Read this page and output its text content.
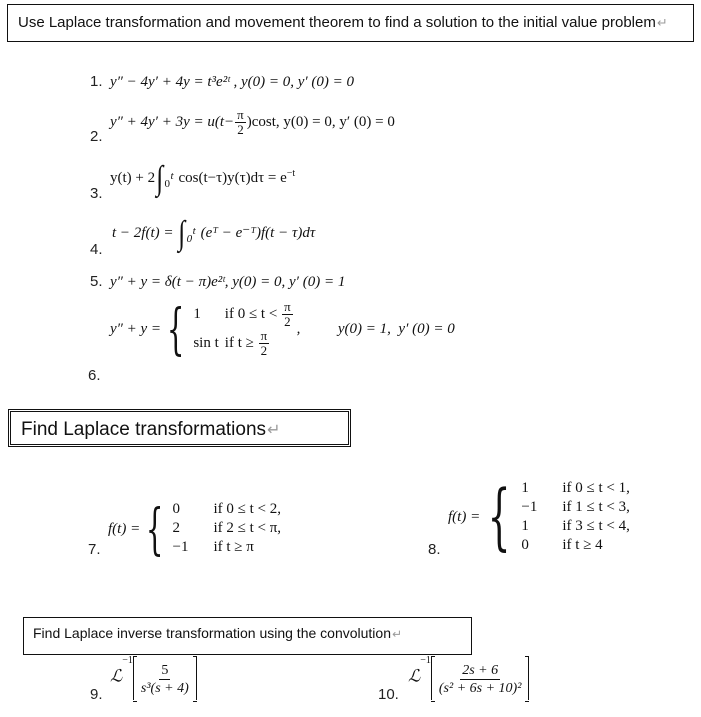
Use Laplace transformation and movement theorem to find a solution to the initial value problem↵
1. y″ − 4y′ + 4y = t³e²ᵗ , y(0) = 0, y′ (0) = 0
2.
$y'' + 4y' + 3y = u(t- \frac{\pi}{2} )\cos t$, y(0) = 0, y′ (0) = 0
3.
y(t) + 2∫ t
0 $\cos(t-\tau)y(\tau)d\tau = e^{-t}$
4.
t − 2f(t) = ∫ t
0 (eᵀ − e⁻ᵀ)f(t − τ)dτ
5. y″ + y = δ(t − π)e²ᵗ, y(0) = 0, y′ (0) = 1
6.
y″ + y = { 1	if $0 \le t < \frac{\pi}{2}$

sin t	if $t \ge \frac{\pi}{2}$ ,          y(0) = 1,  y′ (0) = 0
Find Laplace transformations↵
7.
f(t) = { 0	if 0 ≤ t < 2,
2	if 2 ≤ t < π,
−1	if t ≥ π	8.
f(t) = { 1	if 0 ≤ t < 1,
−1	if 1 ≤ t < 3,
1	if 3 ≤ t < 4,
0	if t ≥ 4
Find Laplace inverse transformation using the convolution↵
9.
ℒ$^{-1}$
$\frac{5}{\text{s³(s + 4)}}$	10.
ℒ$^{-1}$
$\frac{2s + 6}{\text{(s² + 6s + 10)²}}$
